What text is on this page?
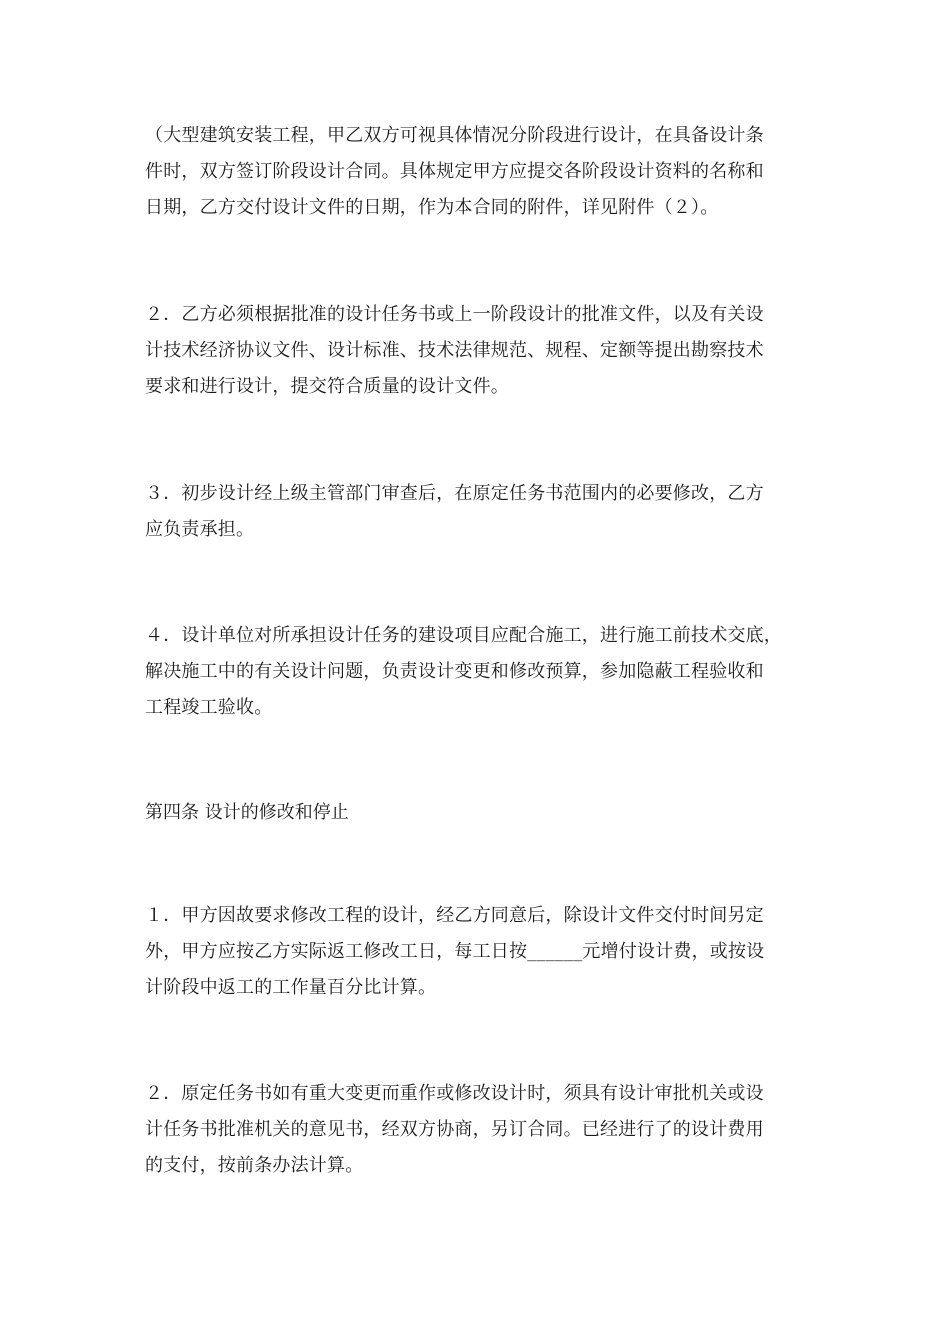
（大型建筑安装工程，甲乙双方可视具体情况分阶段进行设计，在具备设计条
件时，双方签订阶段设计合同。具体规定甲方应提交各阶段设计资料的名称和
日期，乙方交付设计文件的日期，作为本合同的附件，详见附件（２）。
２．乙方必须根据批准的设计任务书或上一阶段设计的批准文件，以及有关设
计技术经济协议文件、设计标准、技术法律规范、规程、定额等提出勘察技术
要求和进行设计，提交符合质量的设计文件。
３．初步设计经上级主管部门审查后，在原定任务书范围内的必要修改，乙方
应负责承担。
４．设计单位对所承担设计任务的建设项目应配合施工，进行施工前技术交底，
解决施工中的有关设计问题，负责设计变更和修改预算，参加隐蔽工程验收和
工程竣工验收。
第四条 设计的修改和停止
１．甲方因故要求修改工程的设计，经乙方同意后，除设计文件交付时间另定
外，甲方应按乙方实际返工修改工日，每工日按______元增付设计费，或按设
计阶段中返工的工作量百分比计算。
２．原定任务书如有重大变更而重作或修改设计时，须具有设计审批机关或设
计任务书批准机关的意见书，经双方协商，另订合同。已经进行了的设计费用
的支付，按前条办法计算。
